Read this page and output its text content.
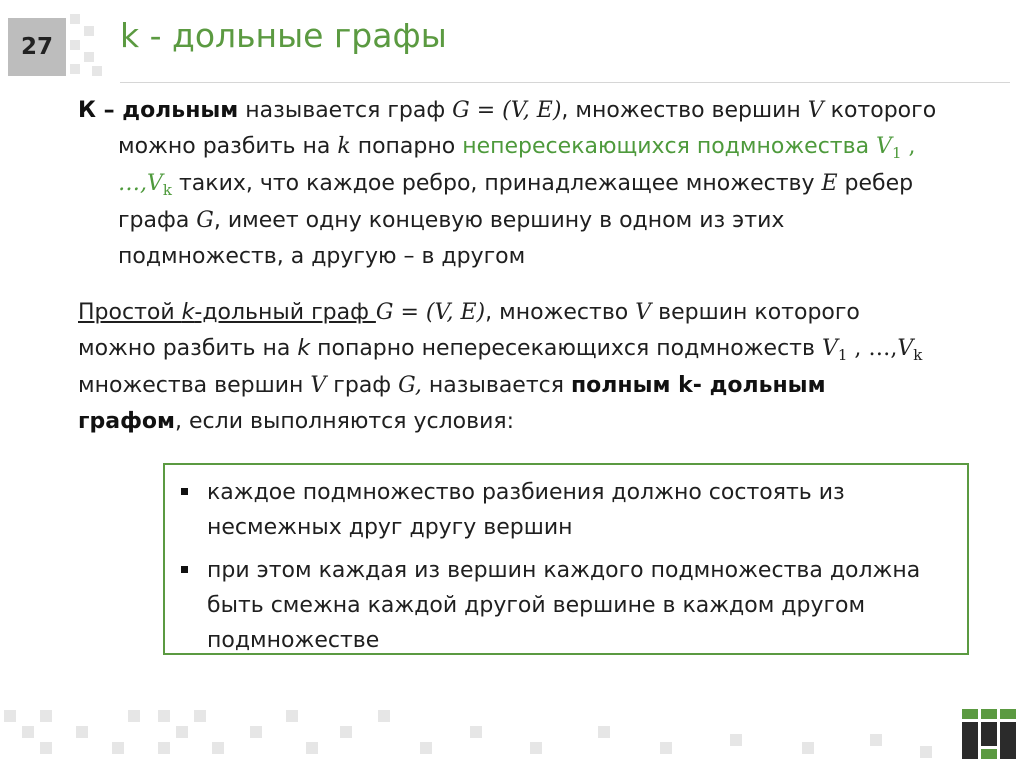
27 k - дольные графы
К – дольным называется граф G = (V, E), множество вершин V которого
можно разбить на k попарно непересекающихся подмножества $V_1$ ,
$\dots,V_k$ таких, что каждое ребро, принадлежащее множеству E ребер
графа G, имеет одну концевую вершину в одном из этих
подмножеств, а другую – в другом
Простой k-дольный граф G = (V, E), множество V вершин которого
можно разбить на k попарно непересекающихся подмножеств $V_1$ , $\dots,V_k$
множества вершин V граф G, называется полным k- дольным
графом, если выполняются условия:
каждое подмножество разбиения должно состоять из
несмежных друг другу вершин
при этом каждая из вершин каждого подмножества должна
быть смежна каждой другой вершине в каждом другом
подмножестве
